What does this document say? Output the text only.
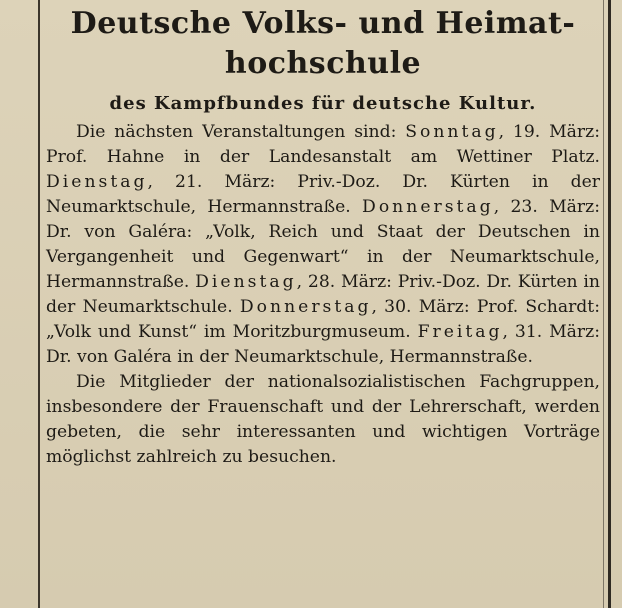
Deutsche Volks- und Heimat-
hochschule
des Kampfbundes für deutsche Kultur.

Die nächsten Veranstaltungen sind: Sonntag, 19. März: Prof. Hahne in der Landesanstalt am Wettiner Platz. Dienstag, 21. März: Priv.-Doz. Dr. Kürten in der Neumarktschule, Hermannstraße. Donnerstag, 23. März: Dr. von Galéra: „Volk, Reich und Staat der Deutschen in Vergangenheit und Gegenwart“ in der Neumarktschule, Hermannstraße. Dienstag, 28. März: Priv.-Doz. Dr. Kürten in der Neumarktschule. Donnerstag, 30. März: Prof. Schardt: „Volk und Kunst“ im Moritzburgmuseum. Freitag, 31. März: Dr. von Galéra in der Neumarktschule, Hermannstraße.

Die Mitglieder der nationalsozialistischen Fachgruppen, insbesondere der Frauenschaft und der Lehrerschaft, werden gebeten, die sehr interessanten und wichtigen Vorträge möglichst zahlreich zu besuchen.
